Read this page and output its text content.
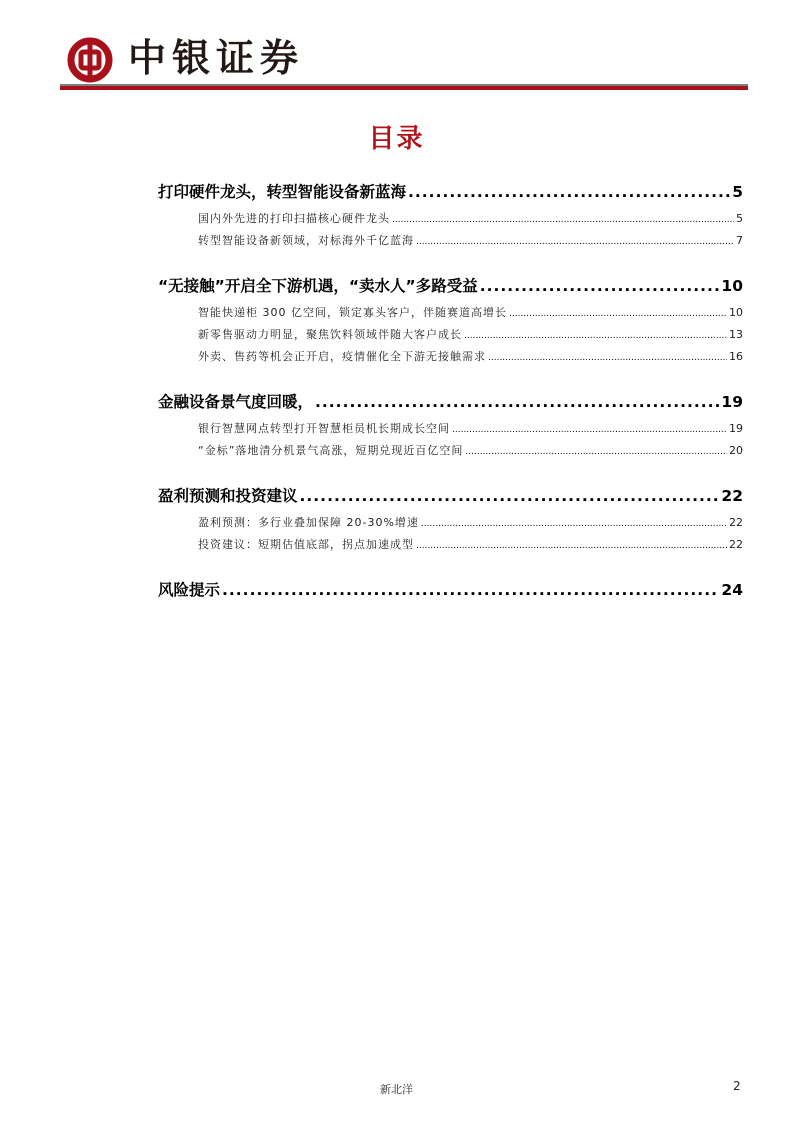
中银证券
目录
打印硬件龙头，转型智能设备新蓝海 .....	5
国内外先进的打印扫描核心硬件龙头 .....	5
转型智能设备新领域，对标海外千亿蓝海 .....	7
“无接触”开启全下游机遇，“卖水人”多路受益 .....	10
智能快递柜 300 亿空间，锁定寡头客户，伴随赛道高增长 .....	10
新零售驱动力明显，聚焦饮料领域伴随大客户成长 .....	13
外卖、售药等机会正开启，疫情催化全下游无接触需求 .....	16
金融设备景气度回暖， .....	19
银行智慧网点转型打开智慧柜员机长期成长空间 .....	19
“金标”落地清分机景气高涨，短期兑现近百亿空间 .....	20
盈利预测和投资建议 .....	22
盈利预测：多行业叠加保障 20-30%增速 .....	22
投资建议：短期估值底部，拐点加速成型 .....	22
风险提示 .....	24
新北洋	2
